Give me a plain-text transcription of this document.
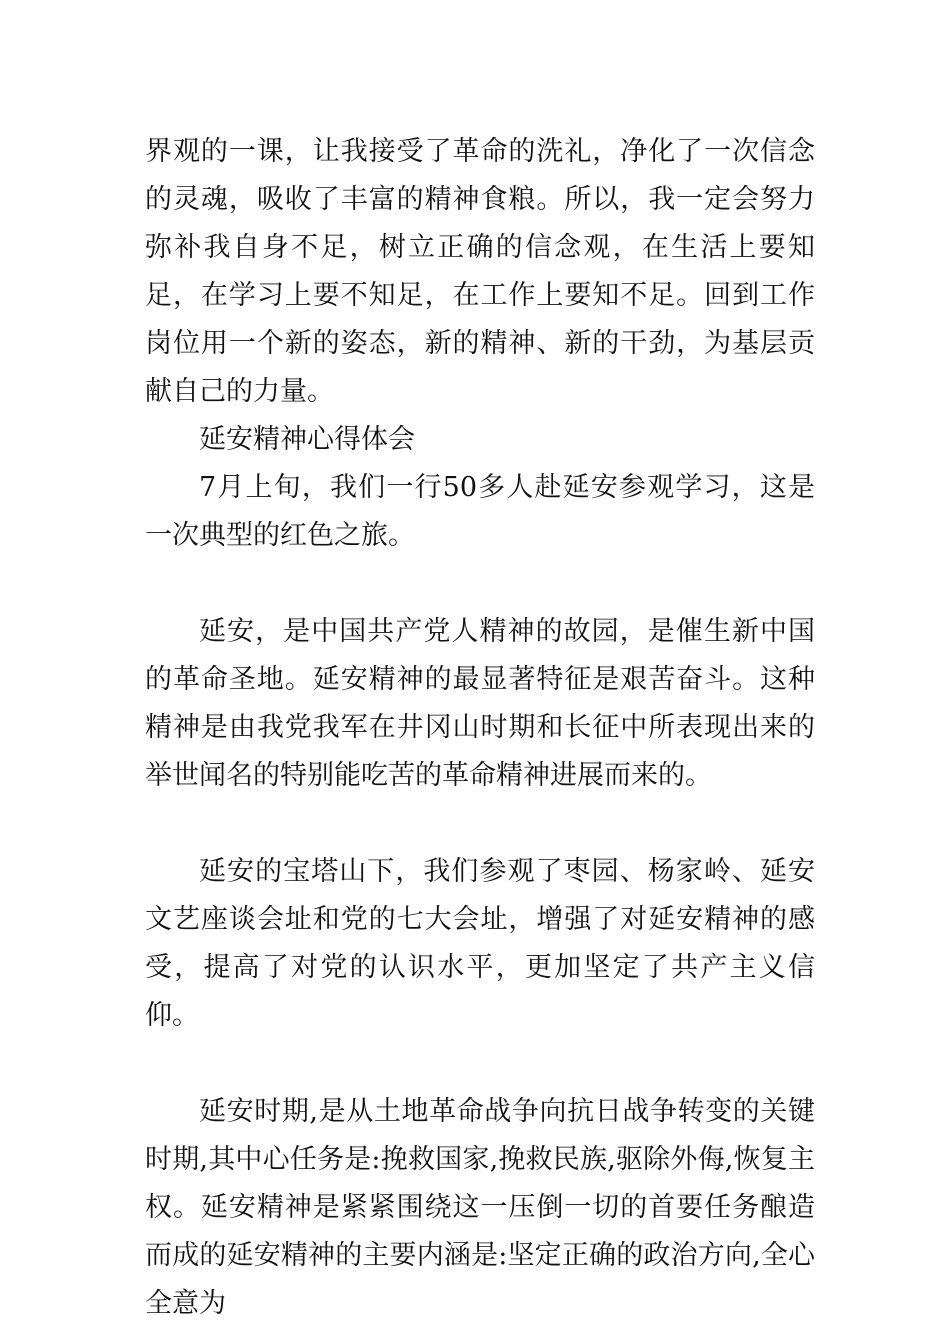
界观的一课，让我接受了革命的洗礼，净化了一次信念的灵魂，吸收了丰富的精神食粮。所以，我一定会努力弥补我自身不足，树立正确的信念观，在生活上要知足，在学习上要不知足，在工作上要知不足。回到工作岗位用一个新的姿态，新的精神、新的干劲，为基层贡献自己的力量。

延安精神心得体会

7月上旬，我们一行50多人赴延安参观学习，这是一次典型的红色之旅。

延安，是中国共产党人精神的故园，是催生新中国的革命圣地。延安精神的最显著特征是艰苦奋斗。这种精神是由我党我军在井冈山时期和长征中所表现出来的举世闻名的特别能吃苦的革命精神进展而来的。

延安的宝塔山下，我们参观了枣园、杨家岭、延安文艺座谈会址和党的七大会址，增强了对延安精神的感受，提高了对党的认识水平，更加坚定了共产主义信仰。

延安时期,是从土地革命战争向抗日战争转变的关键时期,其中心任务是:挽救国家,挽救民族,驱除外侮,恢复主权。延安精神是紧紧围绕这一压倒一切的首要任务酿造而成的延安精神的主要内涵是:坚定正确的政治方向,全心全意为
